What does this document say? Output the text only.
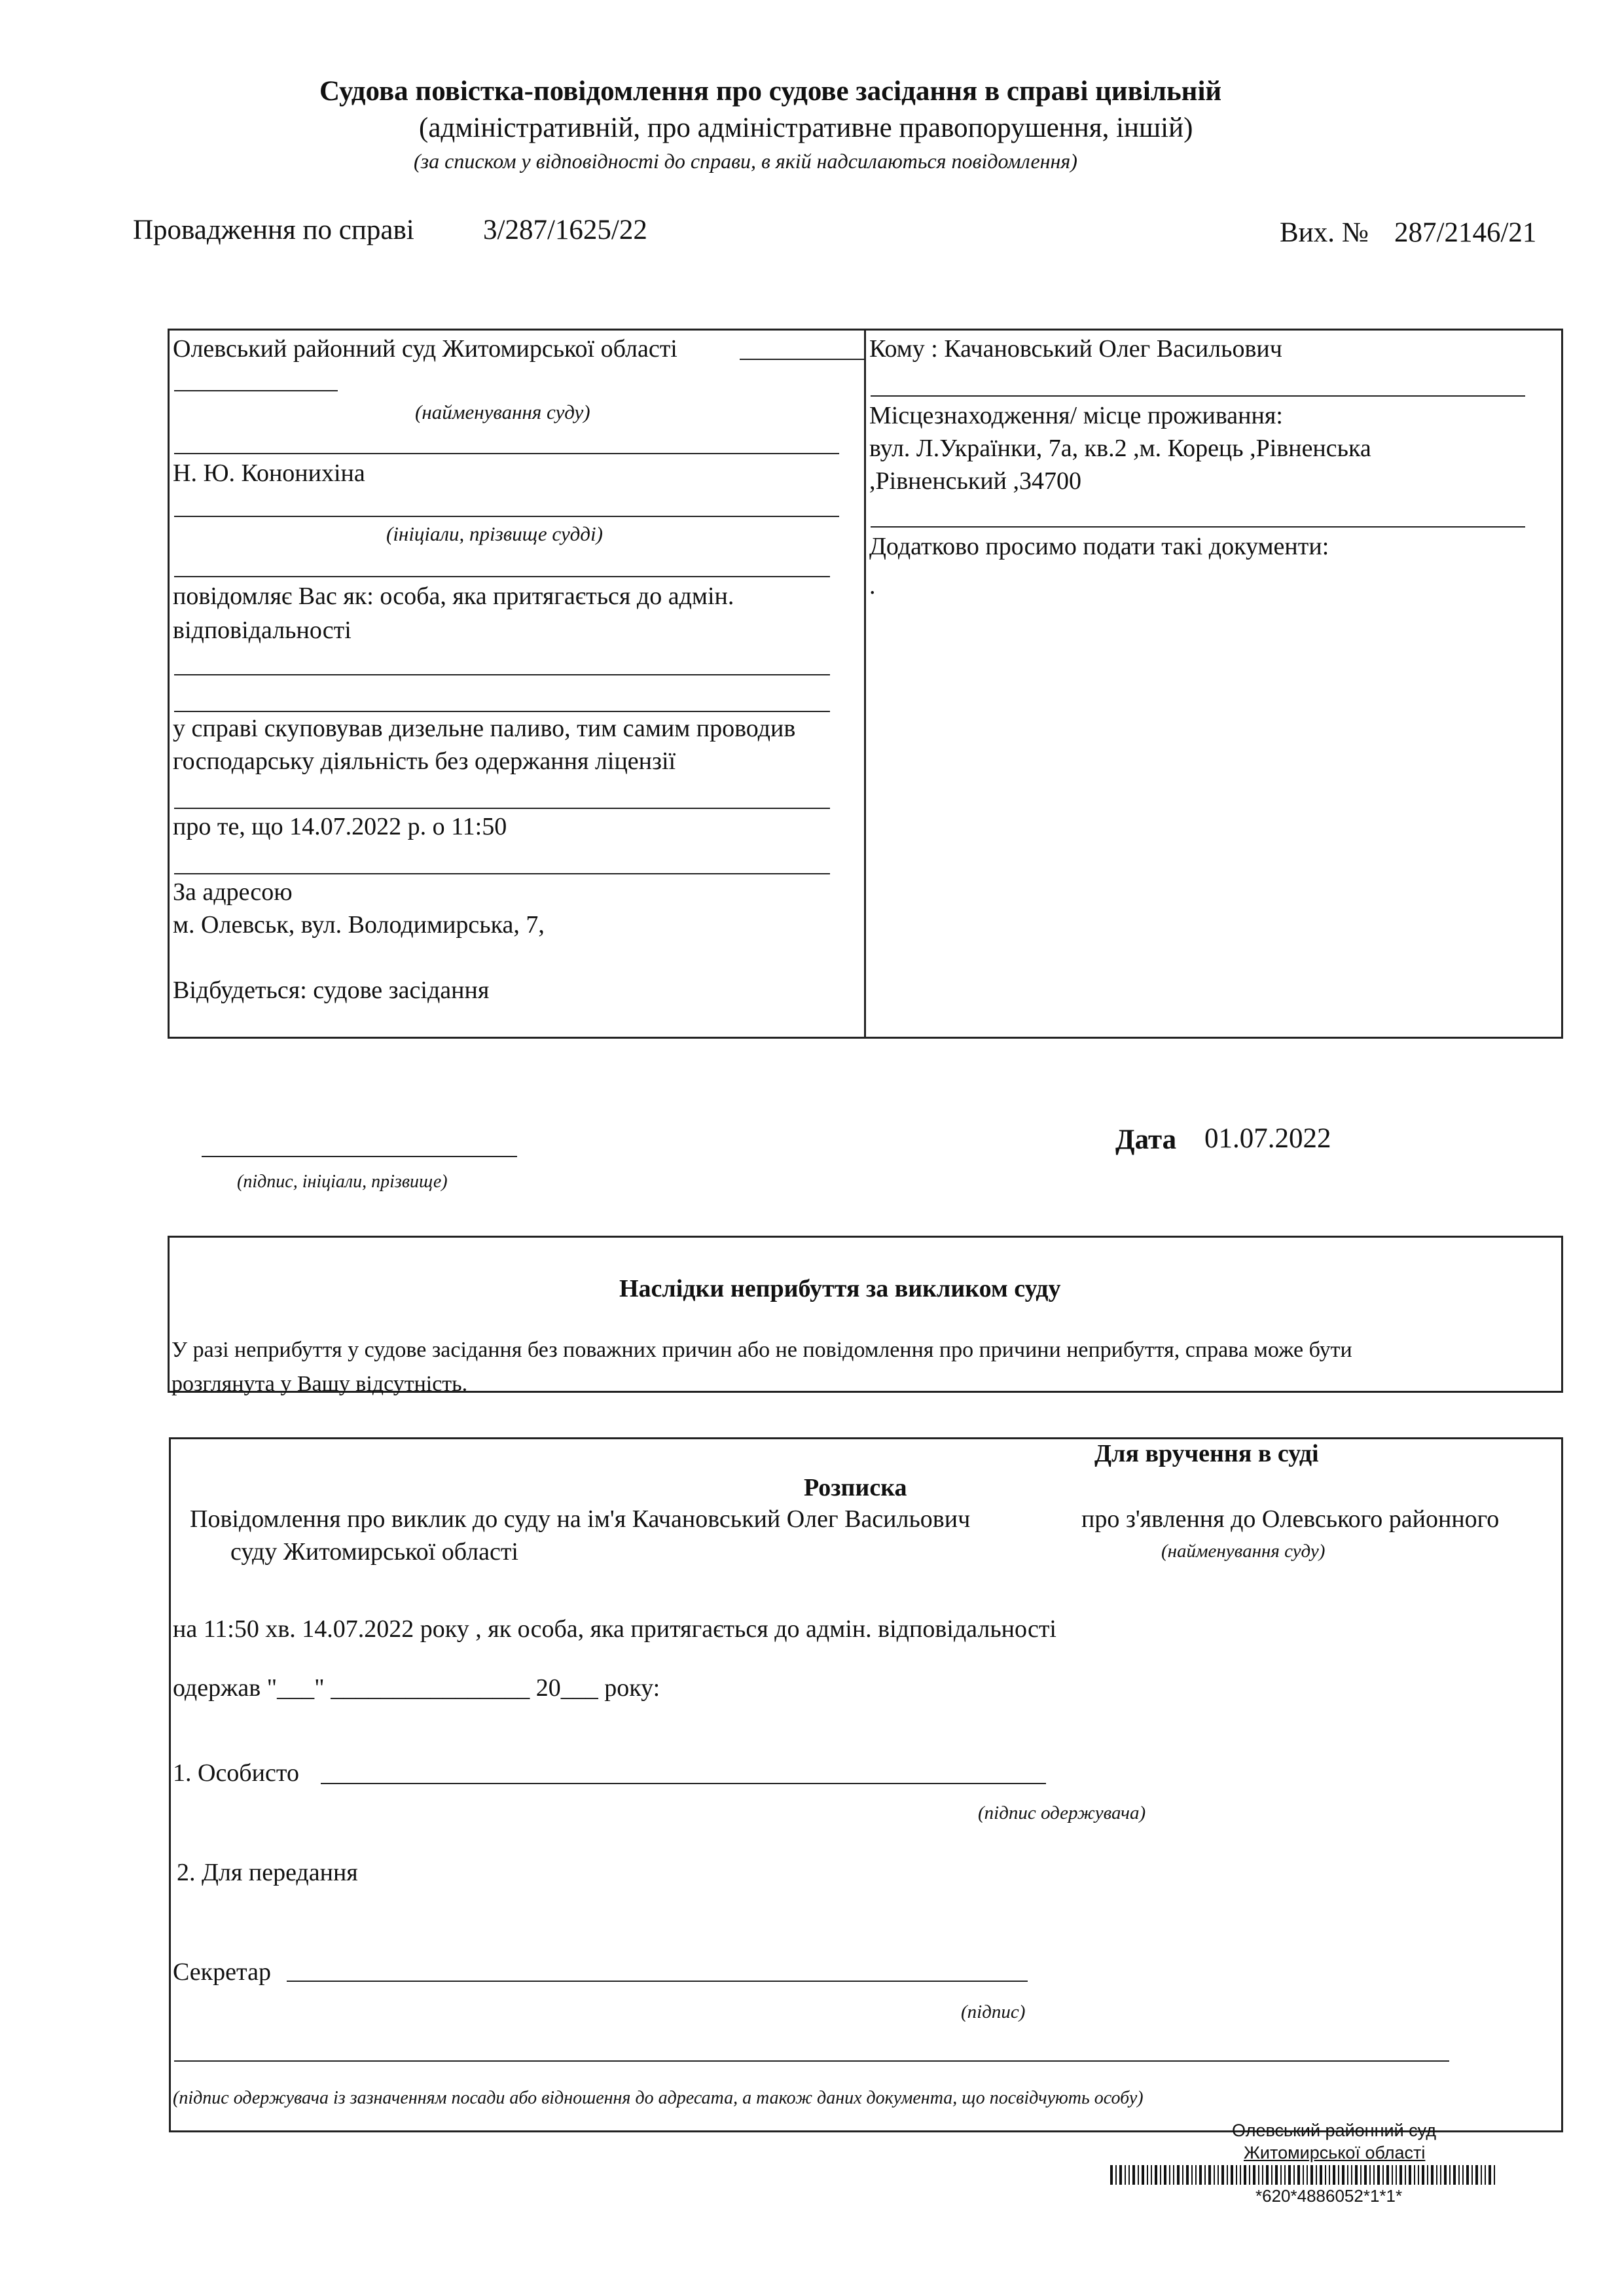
Судова повістка-повідомлення про судове засідання в справі цивільній
(адміністративній, про адміністративне правопорушення, іншій)
(за списком у відповідності до справи, в якій надсилаються повідомлення)
Провадження по справі 3/287/1625/22	Вих. № 287/2146/21
Олевський районний суд Житомирської області
(найменування суду)
Н. Ю. Кононихіна
(ініціали, прізвище судді)
повідомляє Вас як: особа, яка притягається до адмін.
відповідальності
у справі скуповував дизельне паливо, тим самим проводив
господарську діяльність без одержання ліцензії
про те, що 14.07.2022 р. о 11:50
За адресою
м. Олевськ, вул. Володимирська, 7,
Відбудеться: судове засідання
Кому : Качановський Олег Васильович
Місцезнаходження/ місце проживання:
вул. Л.Українки, 7а, кв.2 ,м. Корець ,Рівненська
,Рівненський ,34700
Додатково просимо подати такі документи:
.
(підпис, ініціали, прізвище)
Дата 01.07.2022
Наслідки неприбуття за викликом суду
У разі неприбуття у судове засідання без поважних причин або не повідомлення про причини неприбуття, справа може бути
розглянута у Вашу відсутність.
Для вручення в суді
Розписка
Повідомлення про виклик до суду на ім'я Качановський Олег Васильович	про з'явлення до Олевського районного
суду Житомирської області	(найменування суду)
на 11:50 хв. 14.07.2022 року , як особа, яка притягається до адмін. відповідальності
одержав "___" ________________ 20___ року:
1. Особисто
(підпис одержувача)
2. Для передання
Секретар
(підпис)
(підпис одержувача із зазначенням посади або відношення до адресата, а також даних документа, що посвідчують особу)
Олевський районний суд
Житомирської області
*620*4886052*1*1*
